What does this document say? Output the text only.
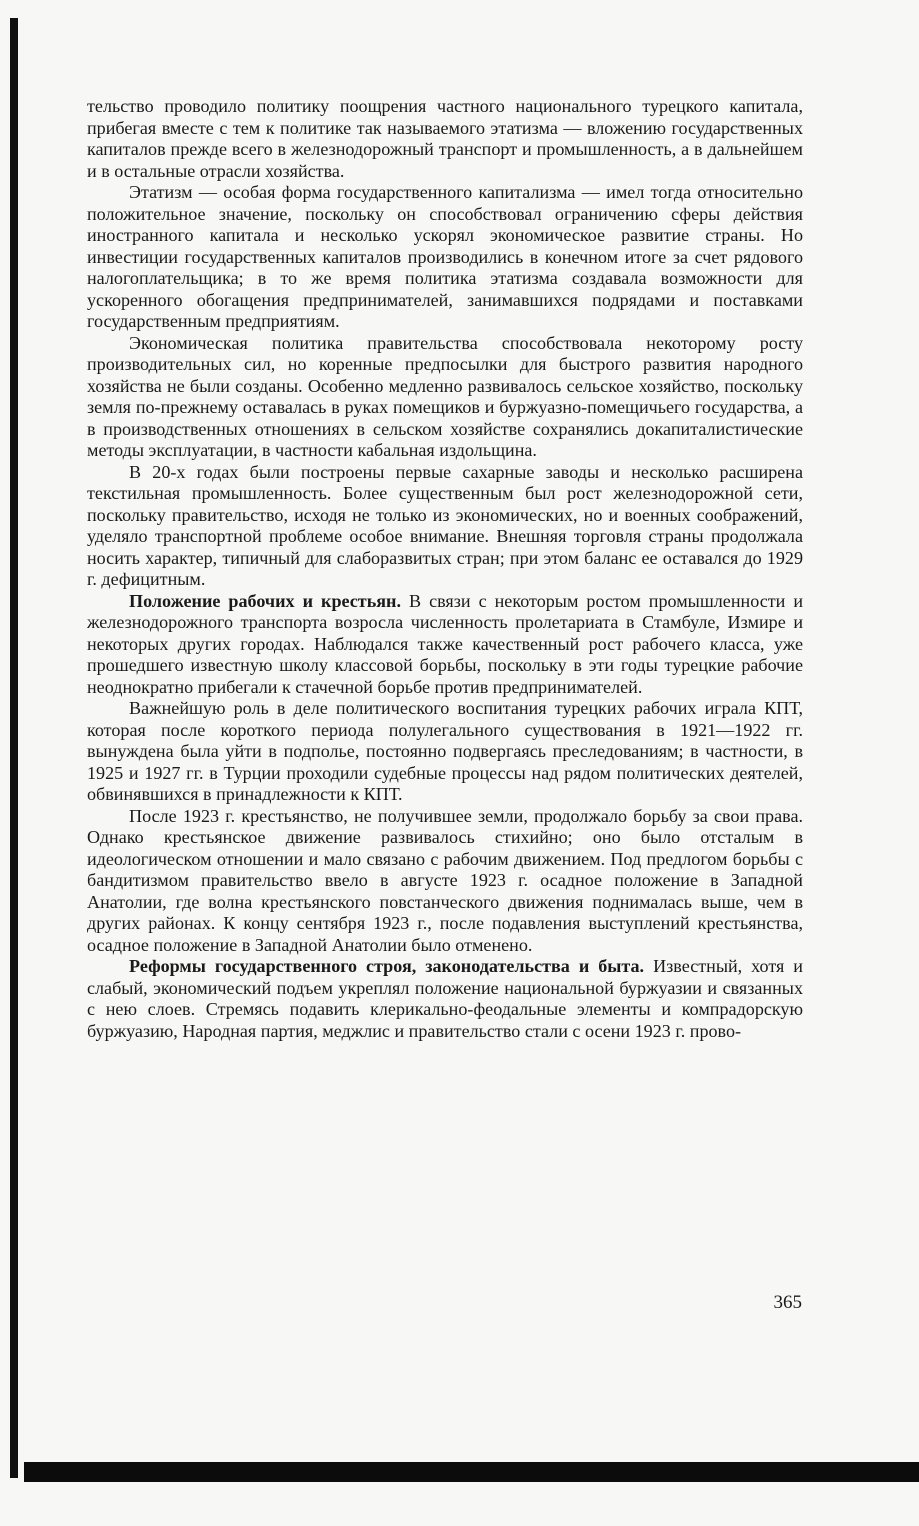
тельство проводило политику поощрения частного национального турецкого капитала, прибегая вместе с тем к политике так называемого этатизма — вложению государственных капиталов прежде всего в железнодорожный транспорт и промышленность, а в дальнейшем и в остальные отрасли хозяйства.

Этатизм — особая форма государственного капитализма — имел тогда относительно положительное значение, поскольку он способствовал ограничению сферы действия иностранного капитала и несколько ускорял экономическое развитие страны. Но инвестиции государственных капиталов производились в конечном итоге за счет рядового налогоплательщика; в то же время политика этатизма создавала возможности для ускоренного обогащения предпринимателей, занимавшихся подрядами и поставками государственным предприятиям.

Экономическая политика правительства способствовала некоторому росту производительных сил, но коренные предпосылки для быстрого развития народного хозяйства не были созданы. Особенно медленно развивалось сельское хозяйство, поскольку земля по-прежнему оставалась в руках помещиков и буржуазно-помещичьего государства, а в производственных отношениях в сельском хозяйстве сохранялись докапиталистические методы эксплуатации, в частности кабальная издольщина.

В 20-х годах были построены первые сахарные заводы и несколько расширена текстильная промышленность. Более существенным был рост железнодорожной сети, поскольку правительство, исходя не только из экономических, но и военных соображений, уделяло транспортной проблеме особое внимание. Внешняя торговля страны продолжала носить характер, типичный для слаборазвитых стран; при этом баланс ее оставался до 1929 г. дефицитным.

Положение рабочих и крестьян. В связи с некоторым ростом промышленности и железнодорожного транспорта возросла численность пролетариата в Стамбуле, Измире и некоторых других городах. Наблюдался также качественный рост рабочего класса, уже прошедшего известную школу классовой борьбы, поскольку в эти годы турецкие рабочие неоднократно прибегали к стачечной борьбе против предпринимателей.

Важнейшую роль в деле политического воспитания турецких рабочих играла КПТ, которая после короткого периода полулегального существования в 1921—1922 гг. вынуждена была уйти в подполье, постоянно подвергаясь преследованиям; в частности, в 1925 и 1927 гг. в Турции проходили судебные процессы над рядом политических деятелей, обвинявшихся в принадлежности к КПТ.

После 1923 г. крестьянство, не получившее земли, продолжало борьбу за свои права. Однако крестьянское движение развивалось стихийно; оно было отсталым в идеологическом отношении и мало связано с рабочим движением. Под предлогом борьбы с бандитизмом правительство ввело в августе 1923 г. осадное положение в Западной Анатолии, где волна крестьянского повстанческого движения поднималась выше, чем в других районах. К концу сентября 1923 г., после подавления выступлений крестьянства, осадное положение в Западной Анатолии было отменено.

Реформы государственного строя, законодательства и быта. Известный, хотя и слабый, экономический подъем укреплял положение национальной буржуазии и связанных с нею слоев. Стремясь подавить клерикально-феодальные элементы и компрадорскую буржуазию, Народная партия, меджлис и правительство стали с осени 1923 г. прово-

365
